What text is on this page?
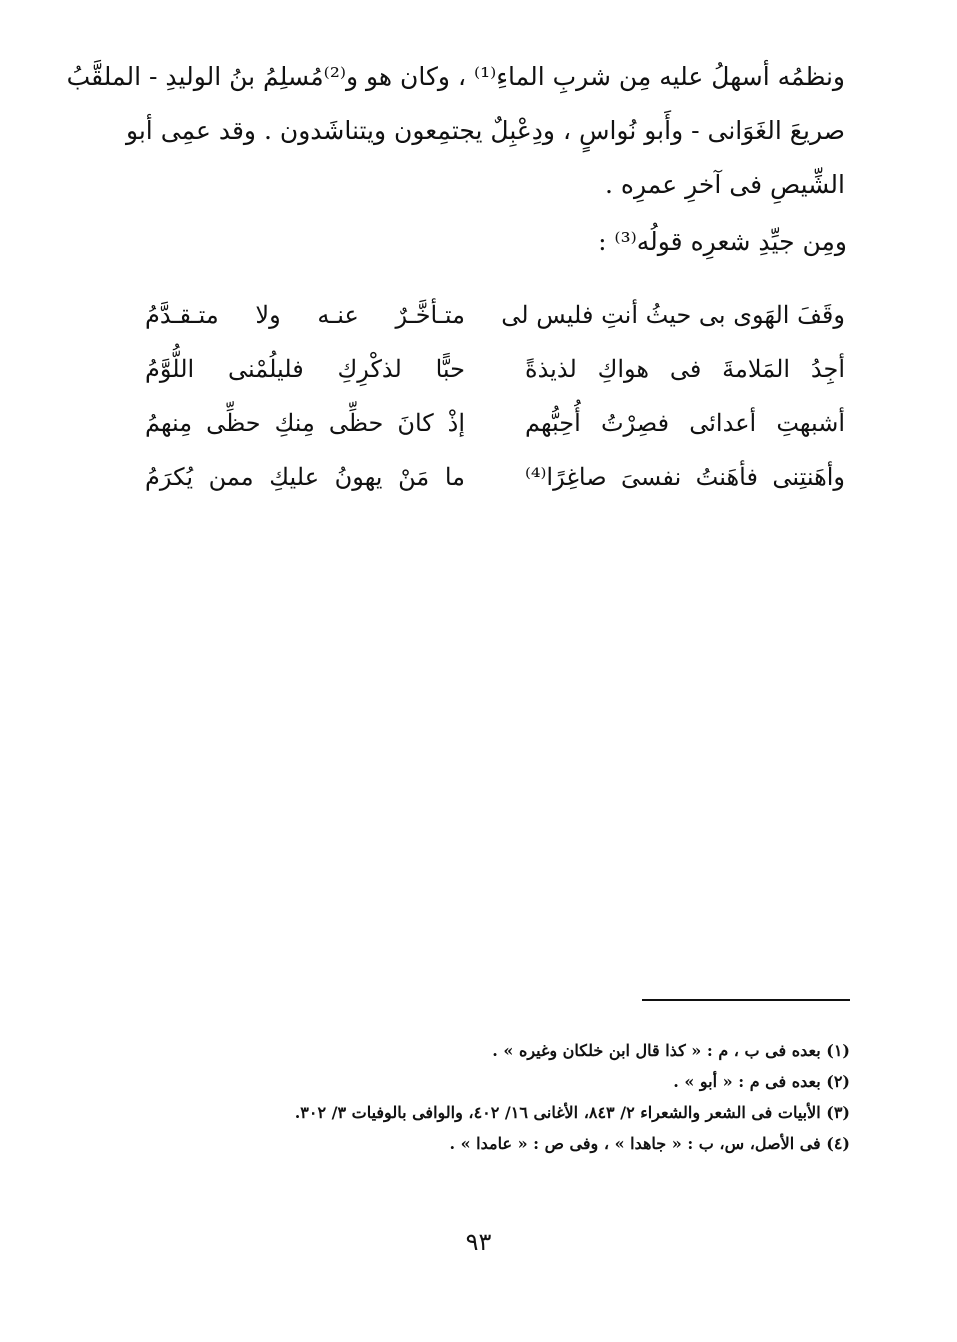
ونظمُه أسهلُ عليه مِن شربِ الماءِ⁽¹⁾ ، وكان هو و⁽²⁾مُسلِمُ بنُ الوليدِ - الملقَّبُ
صريعَ الغَوَانى - وأَبو نُواسٍ ، ودِعْبِلٌ يجتمِعون ويتناشَدون . وقد عمِى أبو
الشِّيصِ فى آخرِ عمرِه .

ومِن جيِّدِ شعرِه قولُه⁽³⁾ :
وقَفَ الهَوى بى حيثُ أنتِ فليس لى
متـأخَّـرٌ عنـه ولا متـقـدَّمُ
أجِدُ المَلامةَ فى هواكِ لذيذةً
حبًّا لذكْرِكِ فليلُمْنى اللُّوَّمُ
أشبهتِ أعدائى فصِرْتُ أُحِبُّهم
إذْ كانَ حظِّى مِنكِ حظِّى مِنهمُ
وأهَنتِنى فأهَنتُ نفسىَ صاغِرًا⁽⁴⁾
ما مَنْ يهونُ عليكِ ممن يُكرَمُ
(١) بعده فى ب ، م : « كذا قال ابن خلكان وغيره » .
(٢) بعده فى م : « أبو » .
(٣) الأبيات فى الشعر والشعراء ٢/ ٨٤٣، الأغانى ١٦/ ٤٠٢، والوافى بالوفيات ٣/ ٣٠٢.
(٤) فى الأصل، س، ب : « جاهدا » ، وفى ص : « عامدا » .
٩٣
